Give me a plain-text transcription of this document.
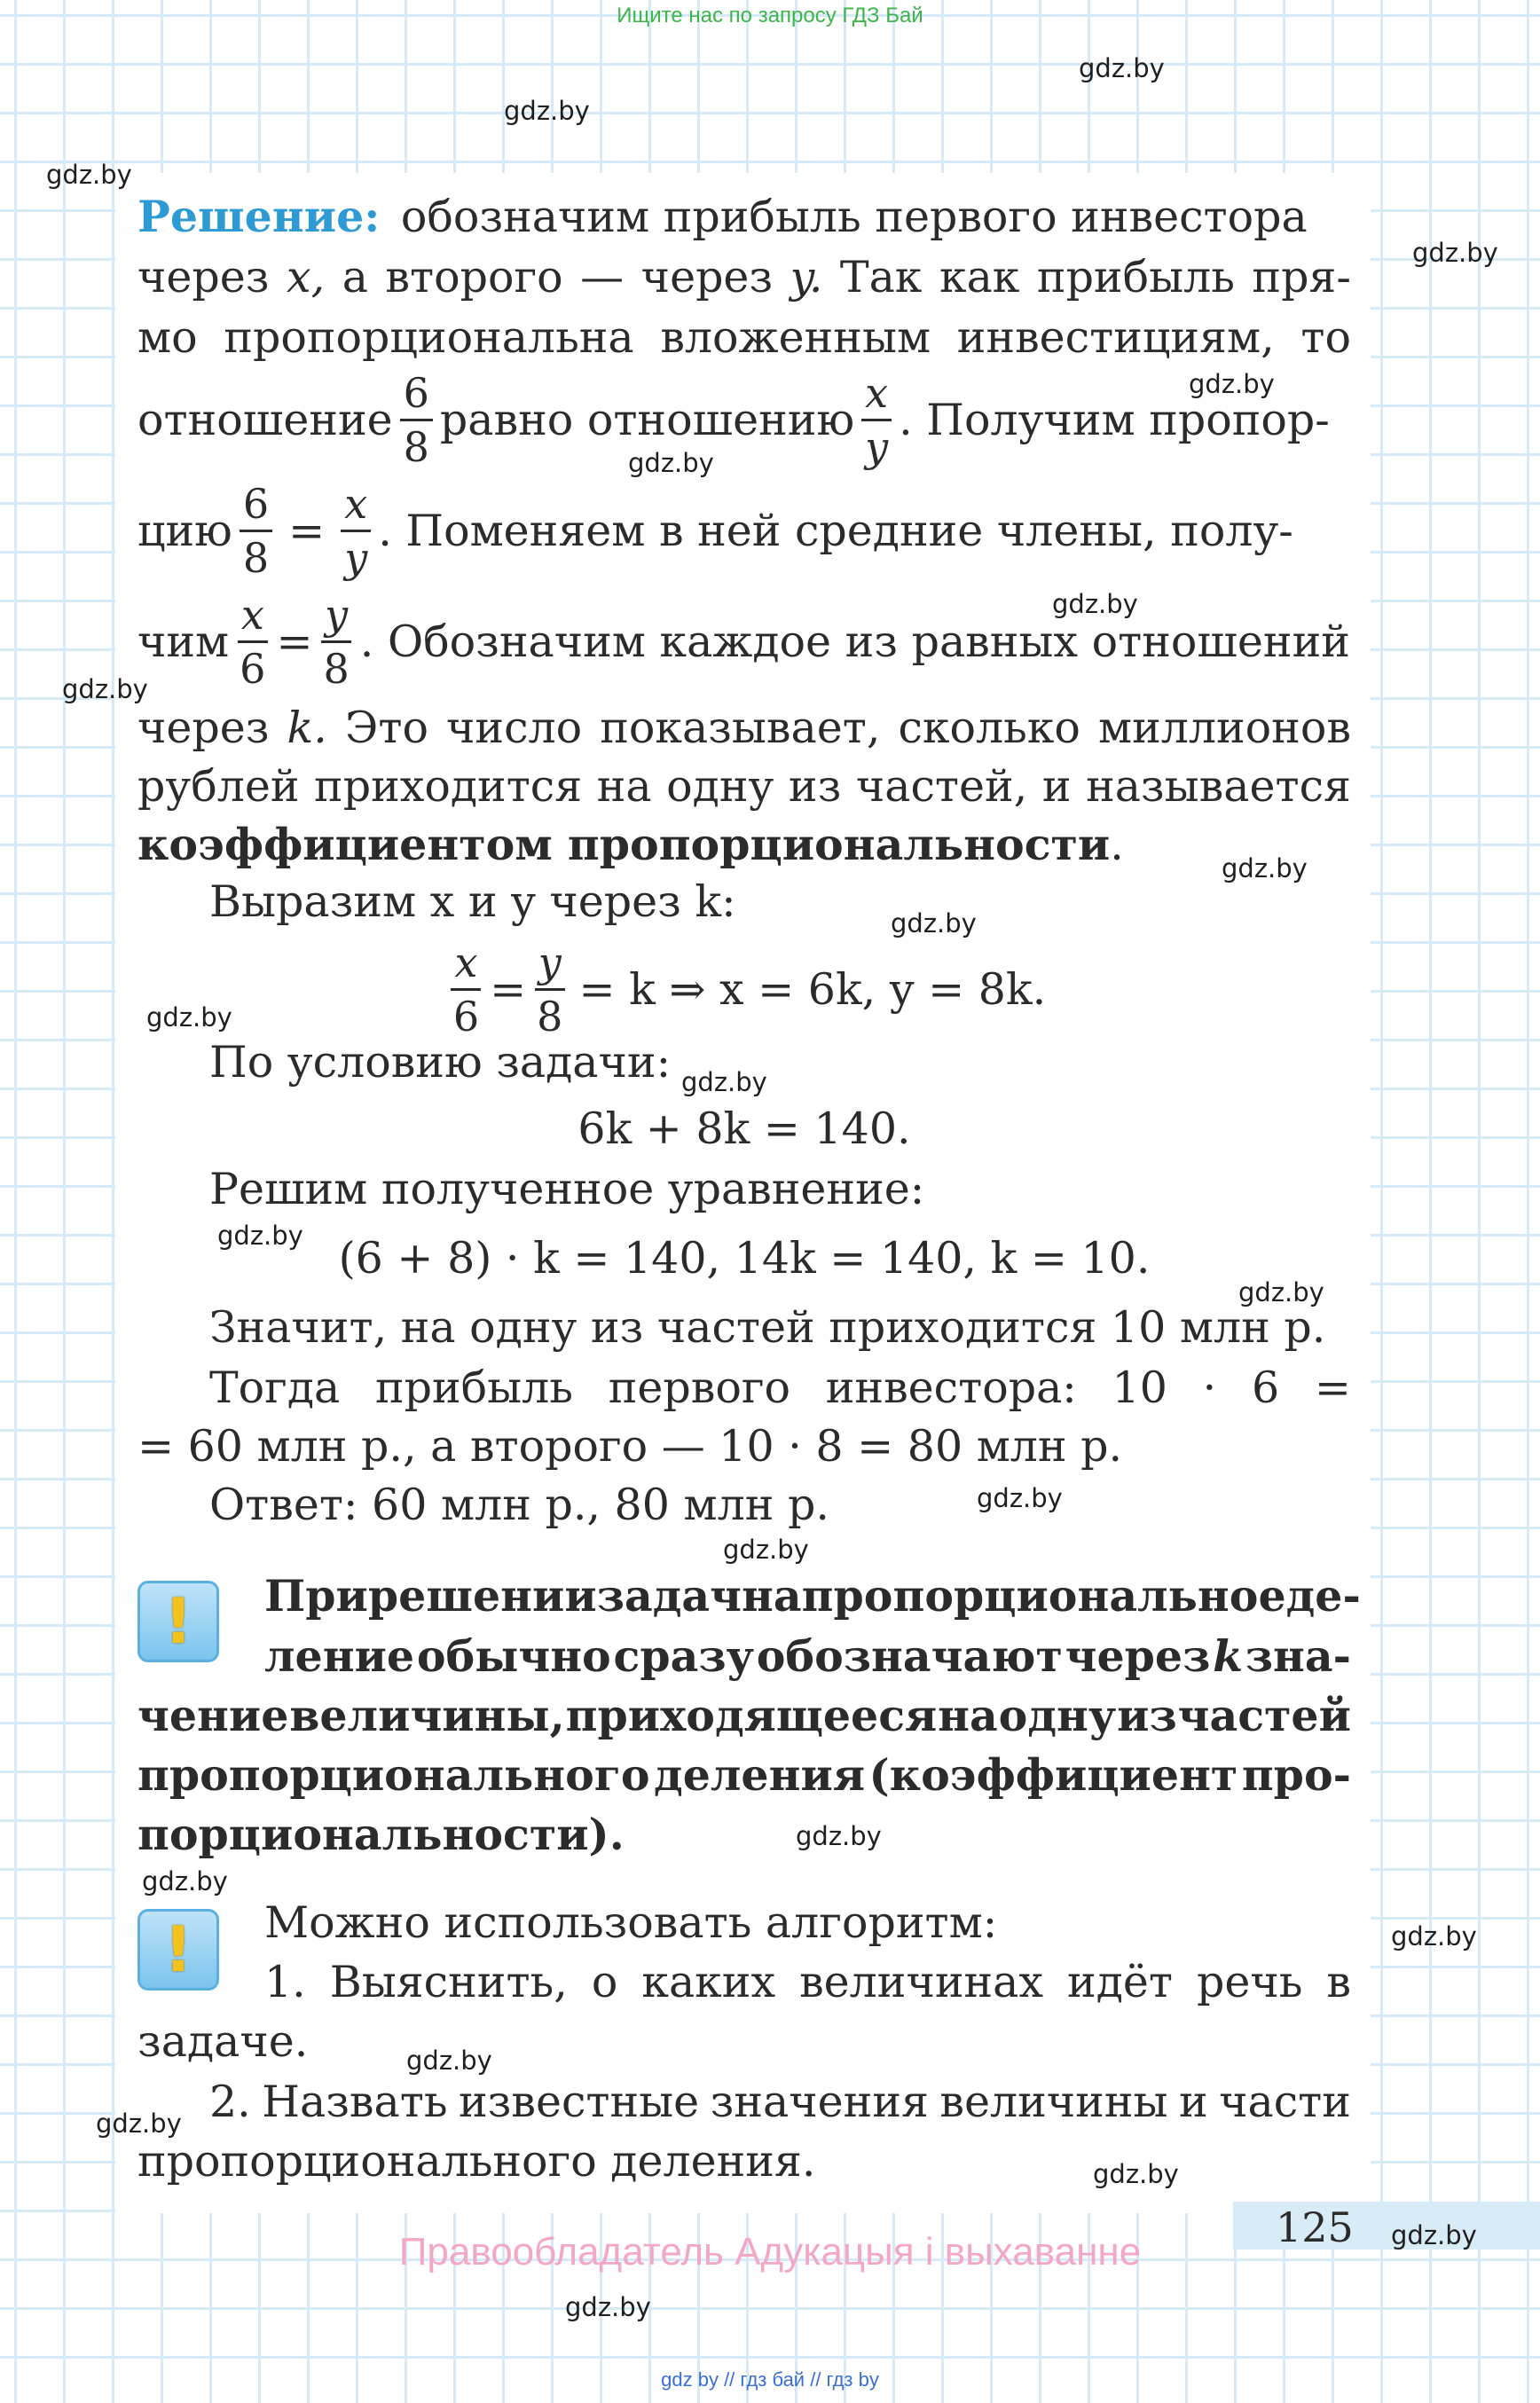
Ищите нас по запросу ГДЗ Бай
Решение: обозначим прибыль первого инвестора
через x, а второго — через y. Так как прибыль пря-
мо пропорциональна вложенным инвестициям, то
отношение $\frac{6}{8}$ равно отношению $\frac{x}{y}$ . Получим пропор-
цию $\frac{6}{8} = \frac{x}{y}$ . Поменяем в ней средние члены, полу-
чим $\frac{x}{6} = \frac{y}{8}$ . Обозначим каждое из равных отношений
через k. Это число показывает, сколько миллионов
рублей приходится на одну из частей, и называется
коэффициентом пропорциональности.
Выразим x и y через k:
$\frac{x}{6} = \frac{y}{8} = k$ ⇒ x = 6k, y = 8k.
По условию задачи:
6k + 8k = 140.
Решим полученное уравнение:
(6 + 8) · k = 140, 14k = 140, k = 10.
Значит, на одну из частей приходится 10 млн р.
Тогда прибыль первого инвестора: 10 · 6 =
= 60 млн р., а второго — 10 · 8 = 80 млн р.
Ответ: 60 млн р., 80 млн р.
! При решении задач на пропорциональное де-
ление обычно сразу обозначают через k зна-
чение величины, приходящееся на одну из частей
пропорционального деления (коэффициент про-
порциональности).
! Можно использовать алгоритм:
1. Выяснить, о каких величинах идёт речь в
задаче.
2. Назвать известные значения величины и части
пропорционального деления.
125
Правообладатель Адукацыя і выхаванне
gdz by // гдз бай // гдз by
gdz.by
gdz.by
gdz.by
gdz.by
gdz.by
gdz.by
gdz.by
gdz.by
gdz.by
gdz.by
gdz.by
gdz.by
gdz.by
gdz.by
gdz.by
gdz.by
gdz.by
gdz.by
gdz.by
gdz.by
gdz.by
gdz.by
gdz.by
gdz.by
